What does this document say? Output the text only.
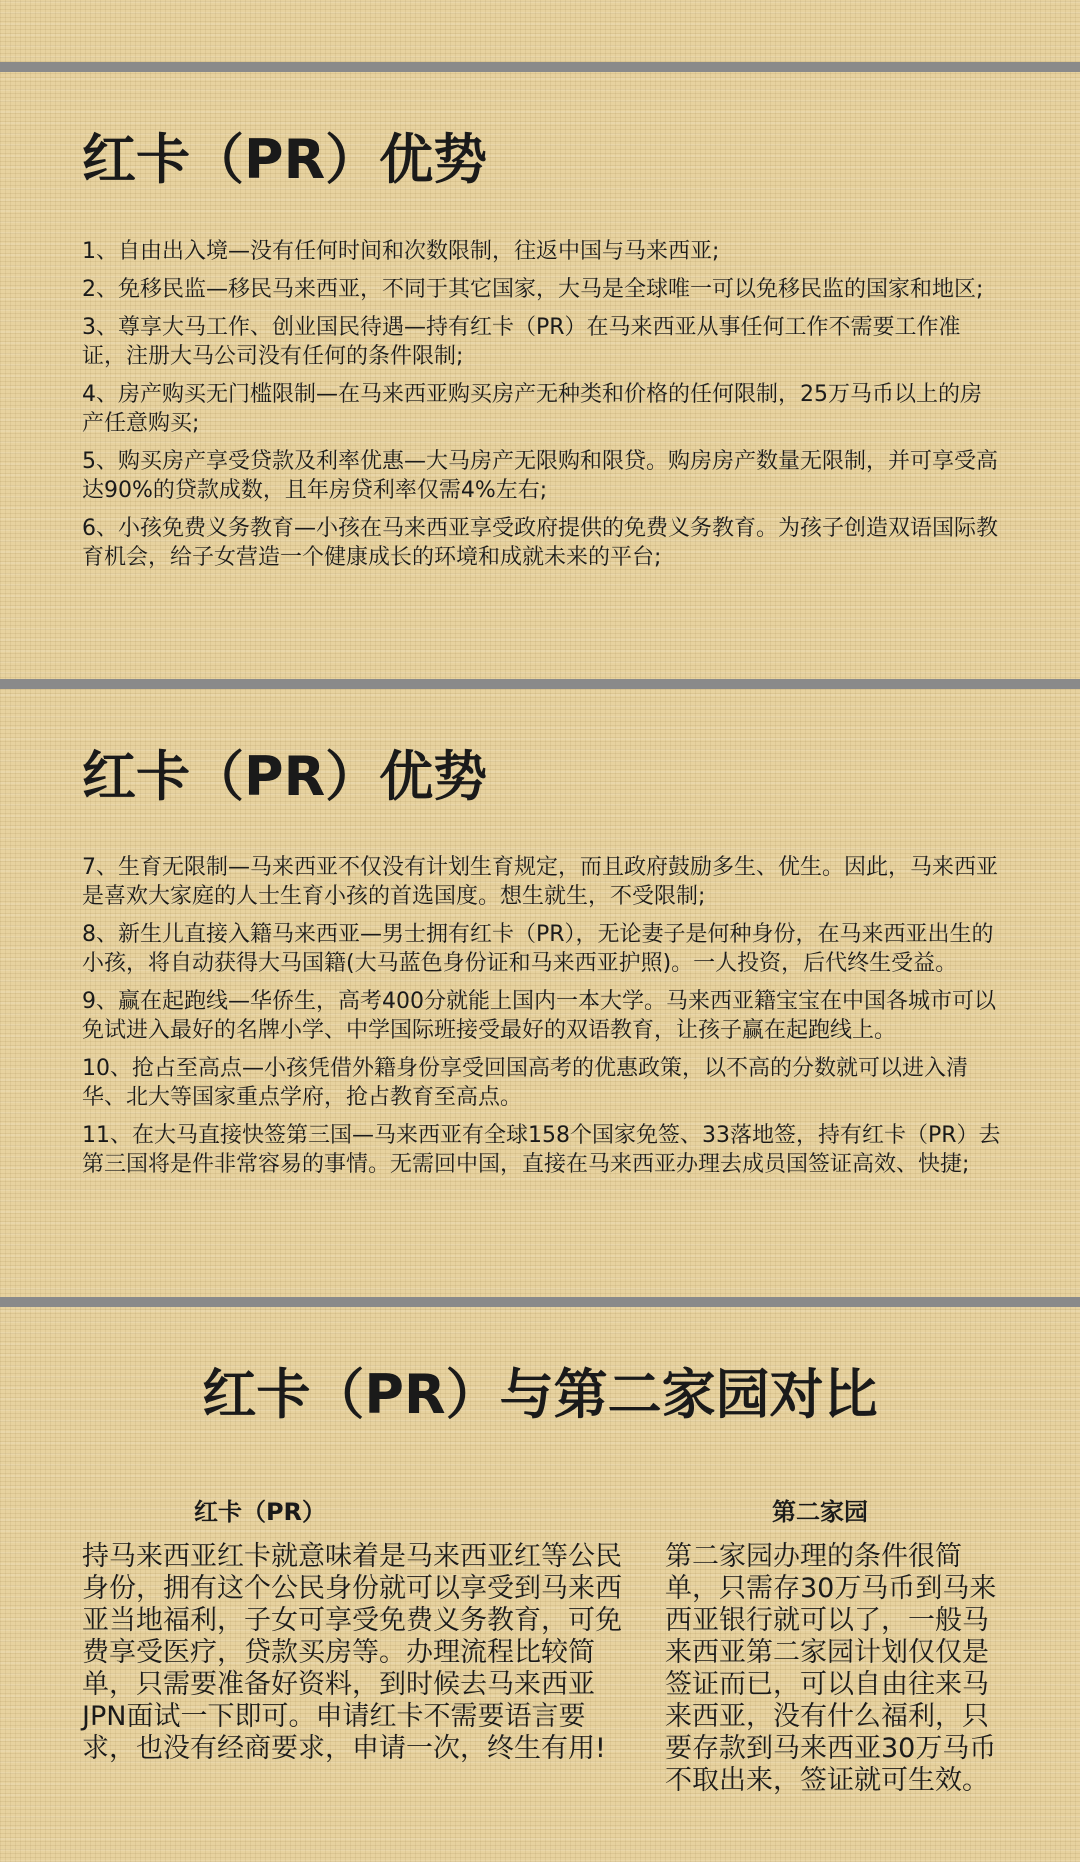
红卡（PR）优势
1、自由出入境—没有任何时间和次数限制，往返中国与马来西亚;
2、免移民监—移民马来西亚，不同于其它国家，大马是全球唯一可以免移民监的国家和地区;
3、尊享大马工作、创业国民待遇—持有红卡（PR）在马来西亚从事任何工作不需要工作准证，注册大马公司没有任何的条件限制;
4、房产购买无门槛限制—在马来西亚购买房产无种类和价格的任何限制，25万马币以上的房产任意购买;
5、购买房产享受贷款及利率优惠—大马房产无限购和限贷。购房房产数量无限制，并可享受高达90%的贷款成数，且年房贷利率仅需4%左右;
6、小孩免费义务教育—小孩在马来西亚享受政府提供的免费义务教育。为孩子创造双语国际教育机会，给子女营造一个健康成长的环境和成就未来的平台;
红卡（PR）优势
7、生育无限制—马来西亚不仅没有计划生育规定，而且政府鼓励多生、优生。因此，马来西亚是喜欢大家庭的人士生育小孩的首选国度。想生就生，不受限制;
8、新生儿直接入籍马来西亚—男士拥有红卡（PR），无论妻子是何种身份，在马来西亚出生的小孩，将自动获得大马国籍(大马蓝色身份证和马来西亚护照)。一人投资，后代终生受益。
9、赢在起跑线—华侨生，高考400分就能上国内一本大学。马来西亚籍宝宝在中国各城市可以免试进入最好的名牌小学、中学国际班接受最好的双语教育，让孩子赢在起跑线上。
10、抢占至高点—小孩凭借外籍身份享受回国高考的优惠政策，以不高的分数就可以进入清华、北大等国家重点学府，抢占教育至高点。
11、在大马直接快签第三国—马来西亚有全球158个国家免签、33落地签，持有红卡（PR）去第三国将是件非常容易的事情。无需回中国，直接在马来西亚办理去成员国签证高效、快捷;
红卡（PR）与第二家园对比
红卡（PR）
持马来西亚红卡就意味着是马来西亚红等公民身份，拥有这个公民身份就可以享受到马来西亚当地福利，子女可享受免费义务教育，可免费享受医疗，贷款买房等。办理流程比较简单，只需要准备好资料，到时候去马来西亚JPN面试一下即可。申请红卡不需要语言要求，也没有经商要求，申请一次，终生有用!
第二家园
第二家园办理的条件很简单，只需存30万马币到马来西亚银行就可以了，一般马来西亚第二家园计划仅仅是签证而已，可以自由往来马来西亚，没有什么福利，只要存款到马来西亚30万马币不取出来，签证就可生效。
